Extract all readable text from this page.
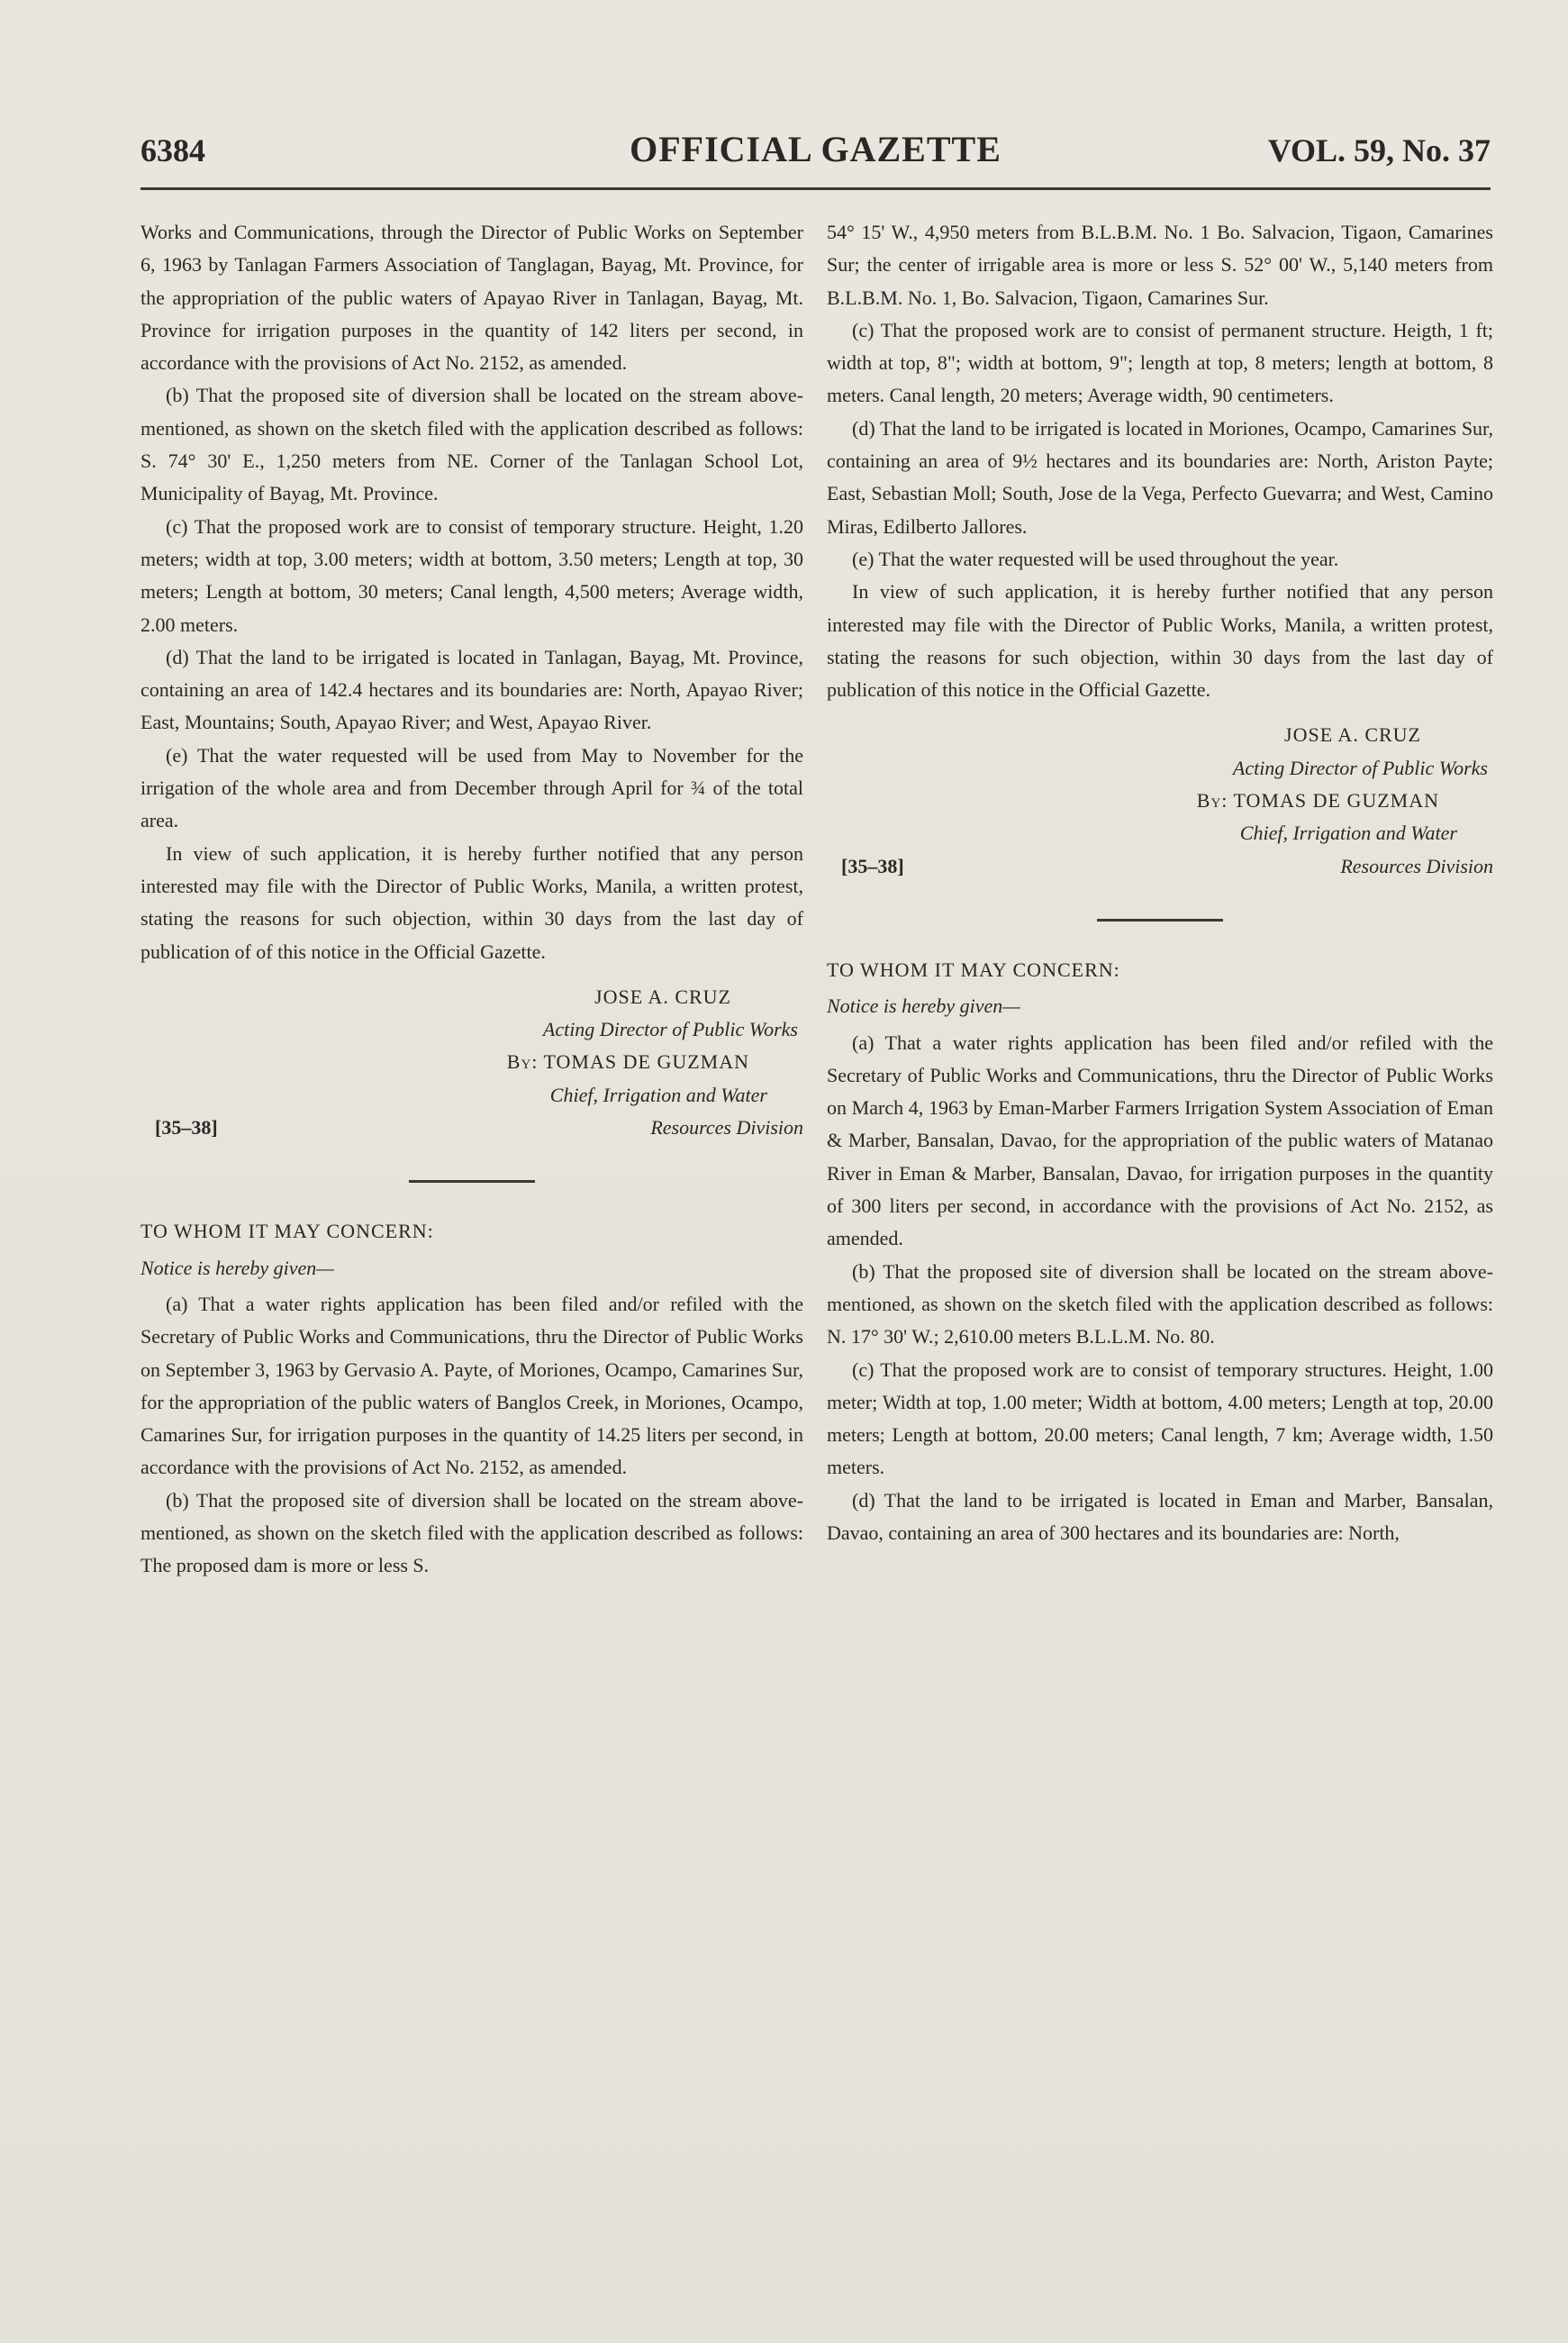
6384	OFFICIAL GAZETTE	VOL. 59, No. 37

Works and Communications, through the Director of Public Works on September 6, 1963 by Tanlagan Farmers Association of Tanglagan, Bayag, Mt. Province, for the appropriation of the public waters of Apayao River in Tanlagan, Bayag, Mt. Province for irrigation purposes in the quantity of 142 liters per second, in accordance with the provisions of Act No. 2152, as amended.

(b) That the proposed site of diversion shall be located on the stream above-mentioned, as shown on the sketch filed with the application described as follows: S. 74° 30' E., 1,250 meters from NE. Corner of the Tanlagan School Lot, Municipality of Bayag, Mt. Province.

(c) That the proposed work are to consist of temporary structure. Height, 1.20 meters; width at top, 3.00 meters; width at bottom, 3.50 meters; Length at top, 30 meters; Length at bottom, 30 meters; Canal length, 4,500 meters; Average width, 2.00 meters.

(d) That the land to be irrigated is located in Tanlagan, Bayag, Mt. Province, containing an area of 142.4 hectares and its boundaries are: North, Apayao River; East, Mountains; South, Apayao River; and West, Apayao River.

(e) That the water requested will be used from May to November for the irrigation of the whole area and from December through April for ¾ of the total area.

In view of such application, it is hereby further notified that any person interested may file with the Director of Public Works, Manila, a written protest, stating the reasons for such objection, within 30 days from the last day of publication of of this notice in the Official Gazette.

JOSE A. CRUZ
Acting Director of Public Works
By: TOMAS DE GUZMAN
Chief, Irrigation and Water
Resources Division
[35–38]

TO WHOM IT MAY CONCERN:

Notice is hereby given—

(a) That a water rights application has been filed and/or refiled with the Secretary of Public Works and Communications, thru the Director of Public Works on September 3, 1963 by Gervasio A. Payte, of Moriones, Ocampo, Camarines Sur, for the appropriation of the public waters of Banglos Creek, in Moriones, Ocampo, Camarines Sur, for irrigation purposes in the quantity of 14.25 liters per second, in accordance with the provisions of Act No. 2152, as amended.

(b) That the proposed site of diversion shall be located on the stream above-mentioned, as shown on the sketch filed with the application described as follows: The proposed dam is more or less S.

54° 15' W., 4,950 meters from B.L.B.M. No. 1 Bo. Salvacion, Tigaon, Camarines Sur; the center of irrigable area is more or less S. 52° 00' W., 5,140 meters from B.L.B.M. No. 1, Bo. Salvacion, Tigaon, Camarines Sur.

(c) That the proposed work are to consist of permanent structure. Heigth, 1 ft; width at top, 8"; width at bottom, 9"; length at top, 8 meters; length at bottom, 8 meters. Canal length, 20 meters; Average width, 90 centimeters.

(d) That the land to be irrigated is located in Moriones, Ocampo, Camarines Sur, containing an area of 9½ hectares and its boundaries are: North, Ariston Payte; East, Sebastian Moll; South, Jose de la Vega, Perfecto Guevarra; and West, Camino Miras, Edilberto Jallores.

(e) That the water requested will be used throughout the year.

In view of such application, it is hereby further notified that any person interested may file with the Director of Public Works, Manila, a written protest, stating the reasons for such objection, within 30 days from the last day of publication of this notice in the Official Gazette.

JOSE A. CRUZ
Acting Director of Public Works
By: TOMAS DE GUZMAN
Chief, Irrigation and Water
Resources Division
[35–38]

TO WHOM IT MAY CONCERN:

Notice is hereby given—

(a) That a water rights application has been filed and/or refiled with the Secretary of Public Works and Communications, thru the Director of Public Works on March 4, 1963 by Eman-Marber Farmers Irrigation System Association of Eman & Marber, Bansalan, Davao, for the appropriation of the public waters of Matanao River in Eman & Marber, Bansalan, Davao, for irrigation purposes in the quantity of 300 liters per second, in accordance with the provisions of Act No. 2152, as amended.

(b) That the proposed site of diversion shall be located on the stream above-mentioned, as shown on the sketch filed with the application described as follows: N. 17° 30' W.; 2,610.00 meters B.L.L.M. No. 80.

(c) That the proposed work are to consist of temporary structures. Height, 1.00 meter; Width at top, 1.00 meter; Width at bottom, 4.00 meters; Length at top, 20.00 meters; Length at bottom, 20.00 meters; Canal length, 7 km; Average width, 1.50 meters.

(d) That the land to be irrigated is located in Eman and Marber, Bansalan, Davao, containing an area of 300 hectares and its boundaries are: North,
